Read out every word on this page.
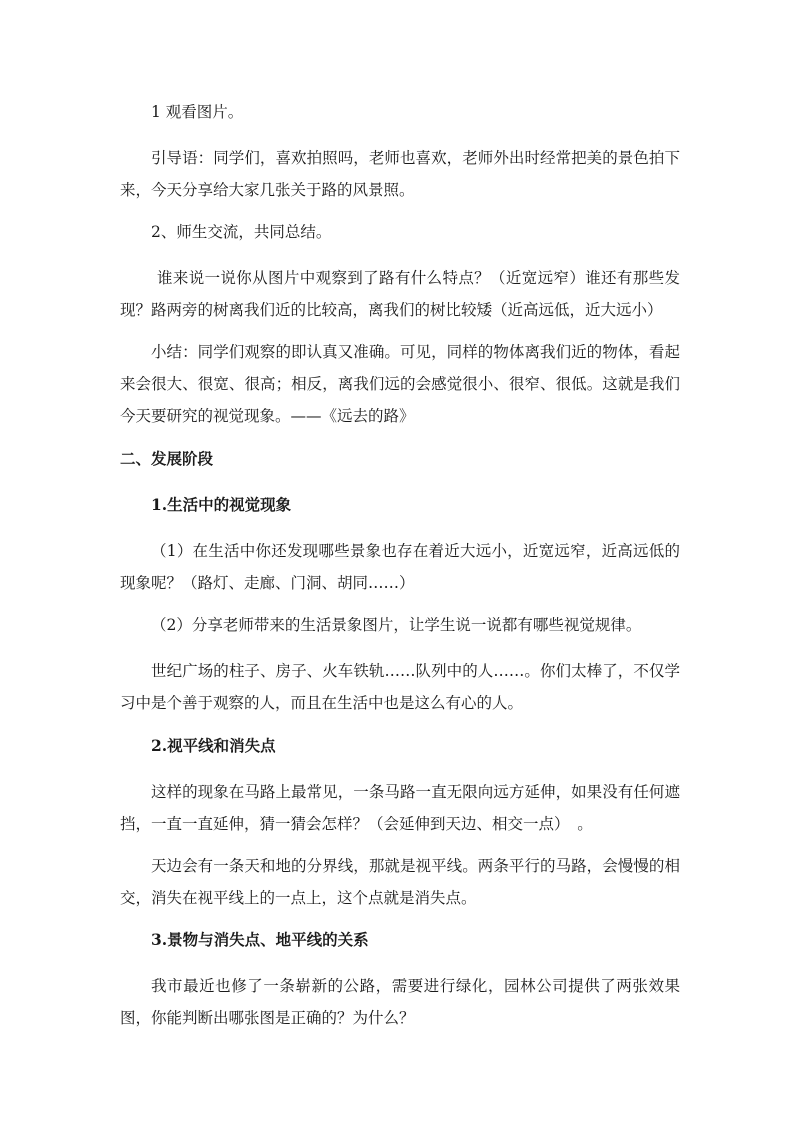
1 观看图片。

引导语：同学们，喜欢拍照吗，老师也喜欢，老师外出时经常把美的景色拍下来，今天分享给大家几张关于路的风景照。

2、师生交流，共同总结。

谁来说一说你从图片中观察到了路有什么特点？（近宽远窄）谁还有那些发现？路两旁的树离我们近的比较高，离我们的树比较矮（近高远低，近大远小）

小结：同学们观察的即认真又准确。可见，同样的物体离我们近的物体，看起来会很大、很宽、很高；相反，离我们远的会感觉很小、很窄、很低。这就是我们今天要研究的视觉现象。——《远去的路》

二、发展阶段

1.生活中的视觉现象

（1）在生活中你还发现哪些景象也存在着近大远小，近宽远窄，近高远低的现象呢？（路灯、走廊、门洞、胡同……）

（2）分享老师带来的生活景象图片，让学生说一说都有哪些视觉规律。

世纪广场的柱子、房子、火车铁轨……队列中的人……。你们太棒了，不仅学习中是个善于观察的人，而且在生活中也是这么有心的人。

2.视平线和消失点

这样的现象在马路上最常见，一条马路一直无限向远方延伸，如果没有任何遮挡，一直一直延伸，猜一猜会怎样？（会延伸到天边、相交一点）　。

天边会有一条天和地的分界线，那就是视平线。两条平行的马路，会慢慢的相交，消失在视平线上的一点上，这个点就是消失点。

3.景物与消失点、地平线的关系

我市最近也修了一条崭新的公路，需要进行绿化，园林公司提供了两张效果图，你能判断出哪张图是正确的？为什么？
